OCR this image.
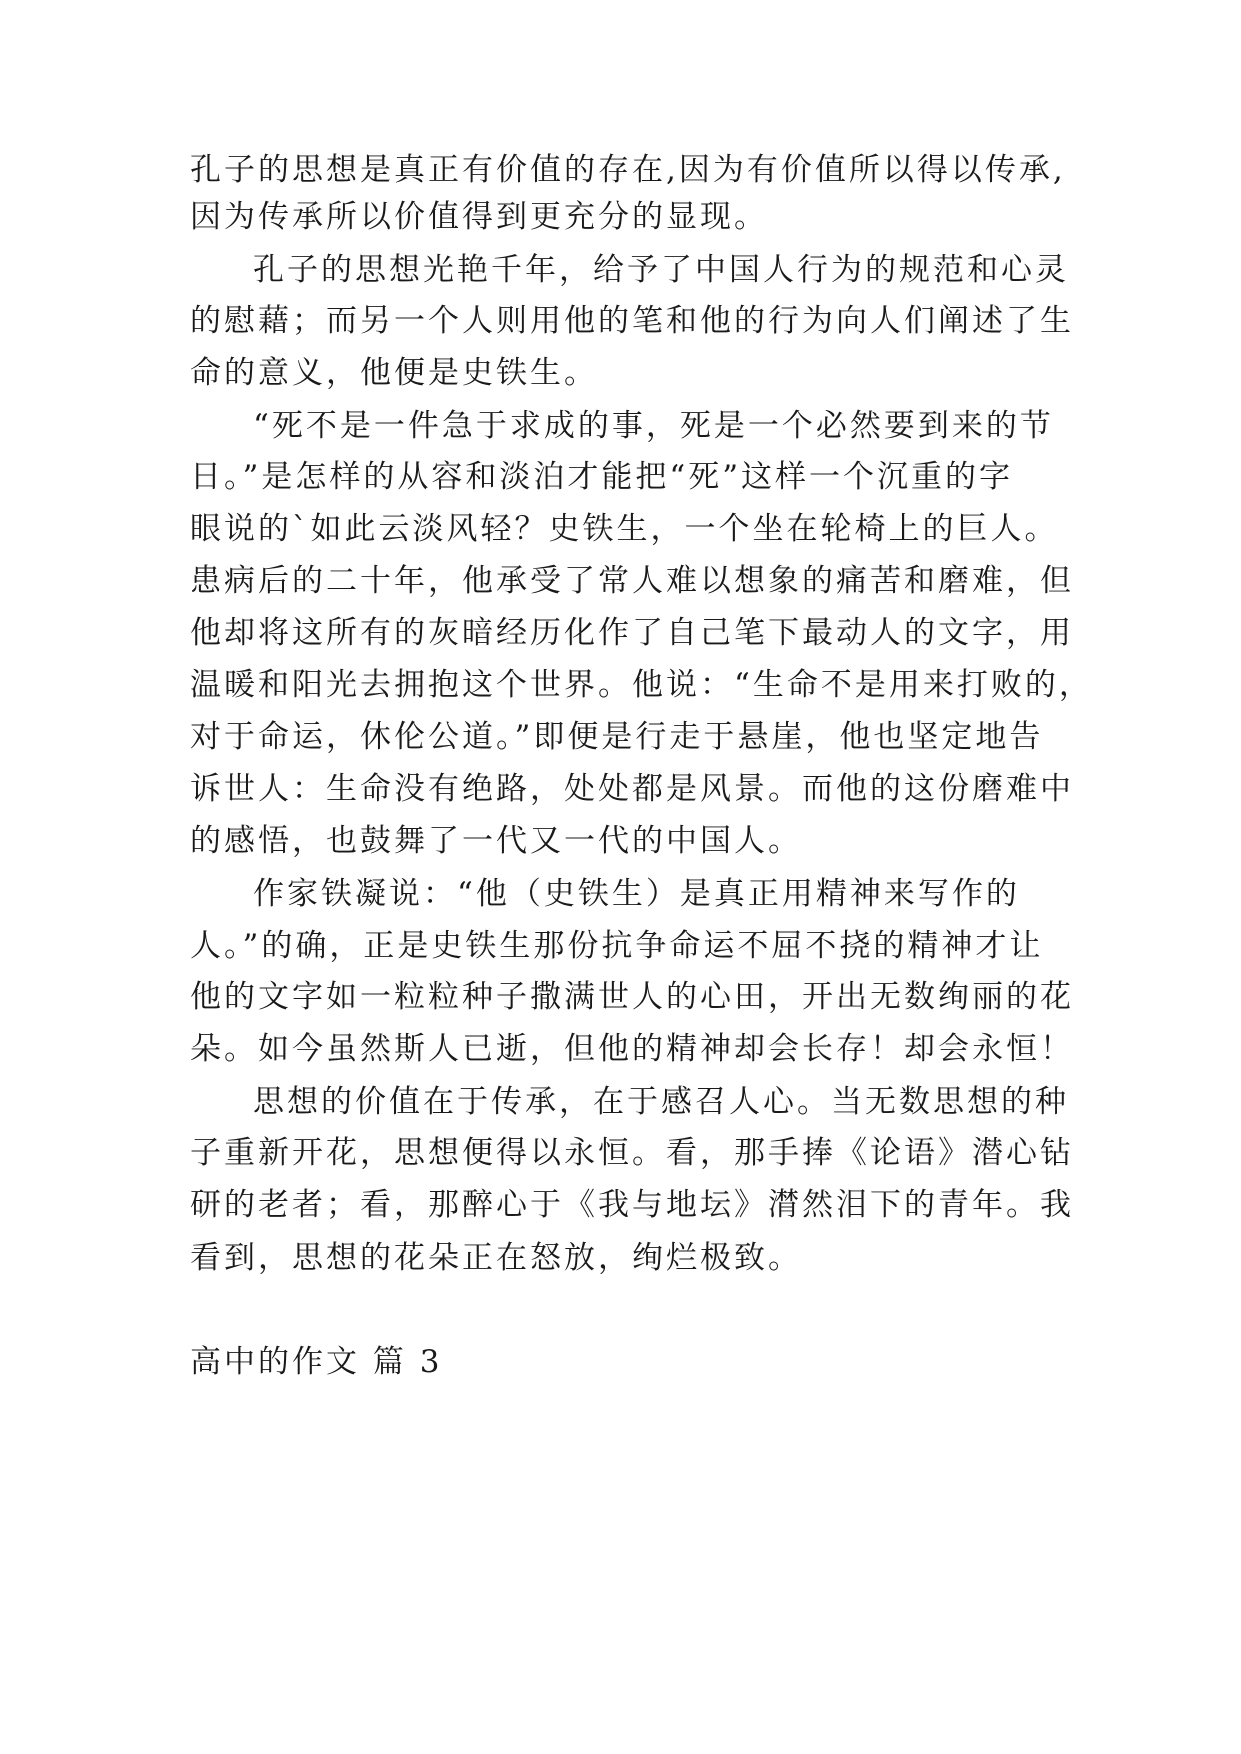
孔子的思想是真正有价值的存在,因为有价值所以得以传承,

因为传承所以价值得到更充分的显现。

孔子的思想光艳千年，给予了中国人行为的规范和心灵

的慰藉；而另一个人则用他的笔和他的行为向人们阐述了生

命的意义，他便是史铁生。

“死不是一件急于求成的事，死是一个必然要到来的节

日。”是怎样的从容和淡泊才能把“死”这样一个沉重的字

眼说的`如此云淡风轻？史铁生，一个坐在轮椅上的巨人。

患病后的二十年，他承受了常人难以想象的痛苦和磨难，但

他却将这所有的灰暗经历化作了自己笔下最动人的文字，用

温暖和阳光去拥抱这个世界。他说：“生命不是用来打败的，

对于命运，休伦公道。”即便是行走于悬崖，他也坚定地告

诉世人：生命没有绝路，处处都是风景。而他的这份磨难中

的感悟，也鼓舞了一代又一代的中国人。

作家铁凝说：“他（史铁生）是真正用精神来写作的

人。”的确，正是史铁生那份抗争命运不屈不挠的精神才让

他的文字如一粒粒种子撒满世人的心田，开出无数绚丽的花

朵。如今虽然斯人已逝，但他的精神却会长存！却会永恒！

思想的价值在于传承，在于感召人心。当无数思想的种

子重新开花，思想便得以永恒。看，那手捧《论语》潜心钻

研的老者；看，那醉心于《我与地坛》潸然泪下的青年。我

看到，思想的花朵正在怒放，绚烂极致。

高中的作文 篇 3
